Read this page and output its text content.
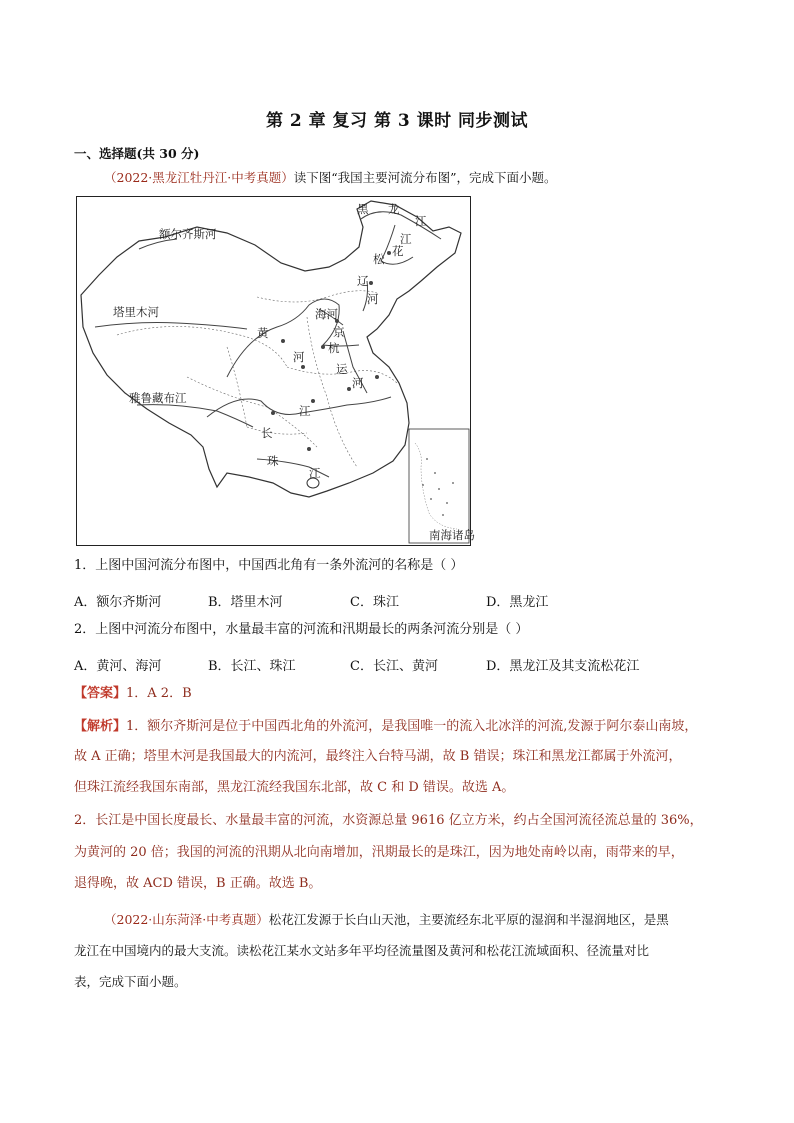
第 2 章 复习 第 3 课时 同步测试
一、选择题(共 30 分)
（2022·黑龙江牡丹江·中考真题）读下图“我国主要河流分布图”，完成下面小题。
南海诸岛
额尔齐斯河
塔里木河
雅鲁藏布江
黑 龙
江
花
松
江
辽
河
海河
京
黄
河
杭
运
河
江
长
珠
江
1．上图中国河流分布图中，中国西北角有一条外流河的名称是（ ）
A．额尔齐斯河	B．塔里木河	C．珠江	D．黑龙江
2．上图中河流分布图中，水量最丰富的河流和汛期最长的两条河流分别是（ ）
A．黄河、海河	B．长江、珠江	C．长江、黄河	D．黑龙江及其支流松花江
【答案】1．A 2．B
【解析】1．额尔齐斯河是位于中国西北角的外流河，是我国唯一的流入北冰洋的河流,发源于阿尔泰山南坡，
故 A 正确；塔里木河是我国最大的内流河，最终注入台特马湖，故 B 错误；珠江和黑龙江都属于外流河，
但珠江流经我国东南部，黑龙江流经我国东北部，故 C 和 D 错误。故选 A。
2．长江是中国长度最长、水量最丰富的河流，水资源总量 9616 亿立方米，约占全国河流径流总量的 36%，
为黄河的 20 倍；我国的河流的汛期从北向南增加，汛期最长的是珠江，因为地处南岭以南，雨带来的早，
退得晚，故 ACD 错误，B 正确。故选 B。
（2022·山东菏泽·中考真题）松花江发源于长白山天池，主要流经东北平原的湿润和半湿润地区，是黑
龙江在中国境内的最大支流。读松花江某水文站多年平均径流量图及黄河和松花江流域面积、径流量对比
表，完成下面小题。
